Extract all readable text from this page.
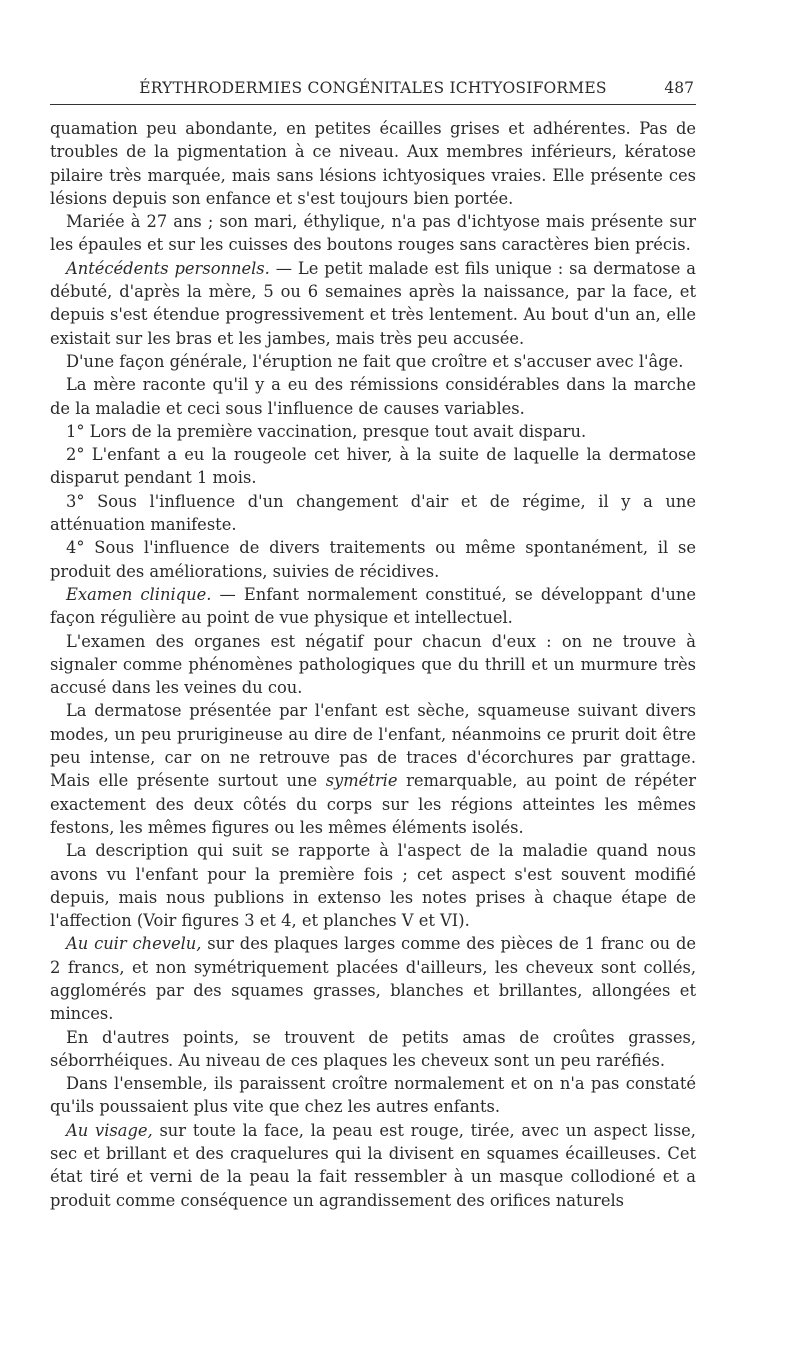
ÉRYTHRODERMIES CONGÉNITALES ICHTYOSIFORMES	487

quamation peu abondante, en petites écailles grises et adhérentes. Pas de troubles de la pigmentation à ce niveau. Aux membres inférieurs, kératose pilaire très marquée, mais sans lésions ichtyosiques vraies. Elle présente ces lésions depuis son enfance et s'est toujours bien portée.

Mariée à 27 ans ; son mari, éthylique, n'a pas d'ichtyose mais présente sur les épaules et sur les cuisses des boutons rouges sans caractères bien précis.

Antécédents personnels. — Le petit malade est fils unique : sa dermatose a débuté, d'après la mère, 5 ou 6 semaines après la naissance, par la face, et depuis s'est étendue progressivement et très lentement. Au bout d'un an, elle existait sur les bras et les jambes, mais très peu accusée.

D'une façon générale, l'éruption ne fait que croître et s'accuser avec l'âge.

La mère raconte qu'il y a eu des rémissions considérables dans la marche de la maladie et ceci sous l'influence de causes variables.

1° Lors de la première vaccination, presque tout avait disparu.

2° L'enfant a eu la rougeole cet hiver, à la suite de laquelle la dermatose disparut pendant 1 mois.

3° Sous l'influence d'un changement d'air et de régime, il y a une atténuation manifeste.

4° Sous l'influence de divers traitements ou même spontanément, il se produit des améliorations, suivies de récidives.

Examen clinique. — Enfant normalement constitué, se développant d'une façon régulière au point de vue physique et intellectuel.

L'examen des organes est négatif pour chacun d'eux : on ne trouve à signaler comme phénomènes pathologiques que du thrill et un murmure très accusé dans les veines du cou.

La dermatose présentée par l'enfant est sèche, squameuse suivant divers modes, un peu prurigineuse au dire de l'enfant, néanmoins ce prurit doit être peu intense, car on ne retrouve pas de traces d'écorchures par grattage. Mais elle présente surtout une symétrie remarquable, au point de répéter exactement des deux côtés du corps sur les régions atteintes les mêmes festons, les mêmes figures ou les mêmes éléments isolés.

La description qui suit se rapporte à l'aspect de la maladie quand nous avons vu l'enfant pour la première fois ; cet aspect s'est souvent modifié depuis, mais nous publions in extenso les notes prises à chaque étape de l'affection (Voir figures 3 et 4, et planches V et VI).

Au cuir chevelu, sur des plaques larges comme des pièces de 1 franc ou de 2 francs, et non symétriquement placées d'ailleurs, les cheveux sont collés, agglomérés par des squames grasses, blanches et brillantes, allongées et minces.

En d'autres points, se trouvent de petits amas de croûtes grasses, séborrhéiques. Au niveau de ces plaques les cheveux sont un peu raréfiés.

Dans l'ensemble, ils paraissent croître normalement et on n'a pas constaté qu'ils poussaient plus vite que chez les autres enfants.

Au visage, sur toute la face, la peau est rouge, tirée, avec un aspect lisse, sec et brillant et des craquelures qui la divisent en squames écailleuses. Cet état tiré et verni de la peau la fait ressembler à un masque collodioné et a produit comme conséquence un agrandissement des orifices naturels
